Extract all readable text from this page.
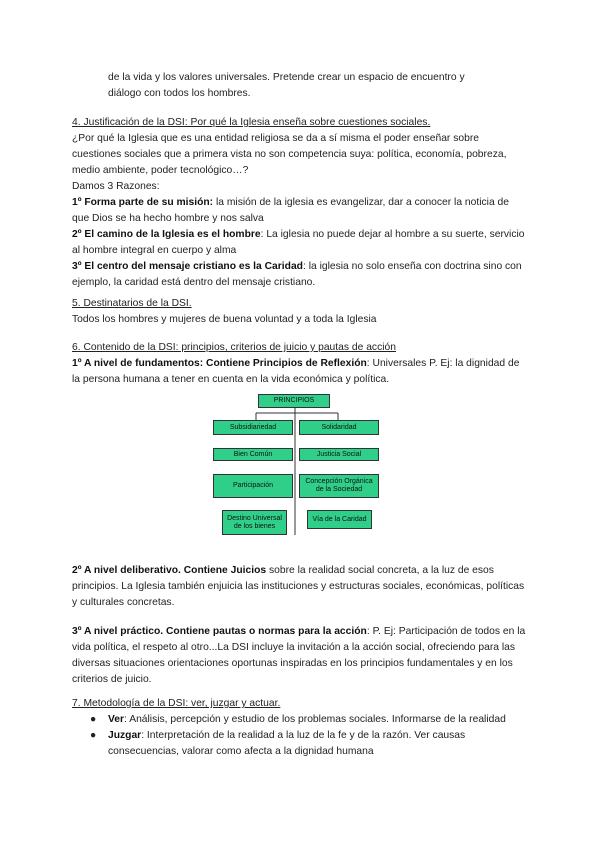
de la vida y los valores universales. Pretende crear un espacio de encuentro y
diálogo con todos los hombres.

4. Justificación de la DSI: Por qué la Iglesia enseña sobre cuestiones sociales.

¿Por qué la Iglesia que es una entidad religiosa se da a sí misma el poder enseñar sobre cuestiones sociales que a primera vista no son competencia suya: política, economía, pobreza, medio ambiente, poder tecnológico…?

Damos 3 Razones:

1º Forma parte de su misión: la misión de la iglesia es evangelizar, dar a conocer la noticia de que Dios se ha hecho hombre y nos salva

2º El camino de la Iglesia es el hombre: La iglesia no puede dejar al hombre a su suerte, servicio al hombre integral en cuerpo y alma

3º El centro del mensaje cristiano es la Caridad: la iglesia no solo enseña con doctrina sino con ejemplo, la caridad está dentro del mensaje cristiano.

5. Destinatarios de la DSI.

Todos los hombres y mujeres de buena voluntad y a toda la Iglesia

6. Contenido de la DSI: principios, criterios de juicio y pautas de acción

1º A nivel de fundamentos: Contiene Principios de Reflexión: Universales P. Ej: la dignidad de la persona humana a tener en cuenta en la vida económica y política.

PRINCIPIOS
Subsidiariedad	Solidaridad
Bien Común	Justicia Social
Participación
Concepción Orgánica de la Sociedad
Destino Universal de los bienes
Vía de la Caridad

2º A nivel deliberativo. Contiene Juicios sobre la realidad social concreta, a la luz de esos principios. La Iglesia también enjuicia las instituciones y estructuras sociales, económicas, políticas y culturales concretas.

3º A nivel práctico. Contiene pautas o normas para la acción: P. Ej: Participación de todos en la vida política, el respeto al otro...La DSI incluye la invitación a la acción social, ofreciendo para las diversas situaciones orientaciones oportunas inspiradas en los principios fundamentales y en los criterios de juicio.

7. Metodología de la DSI: ver, juzgar y actuar.

● Ver: Análisis, percepción y estudio de los problemas sociales. Informarse de la realidad
● Juzgar: Interpretación de la realidad a la luz de la fe y de la razón. Ver causas consecuencias, valorar como afecta a la dignidad humana
